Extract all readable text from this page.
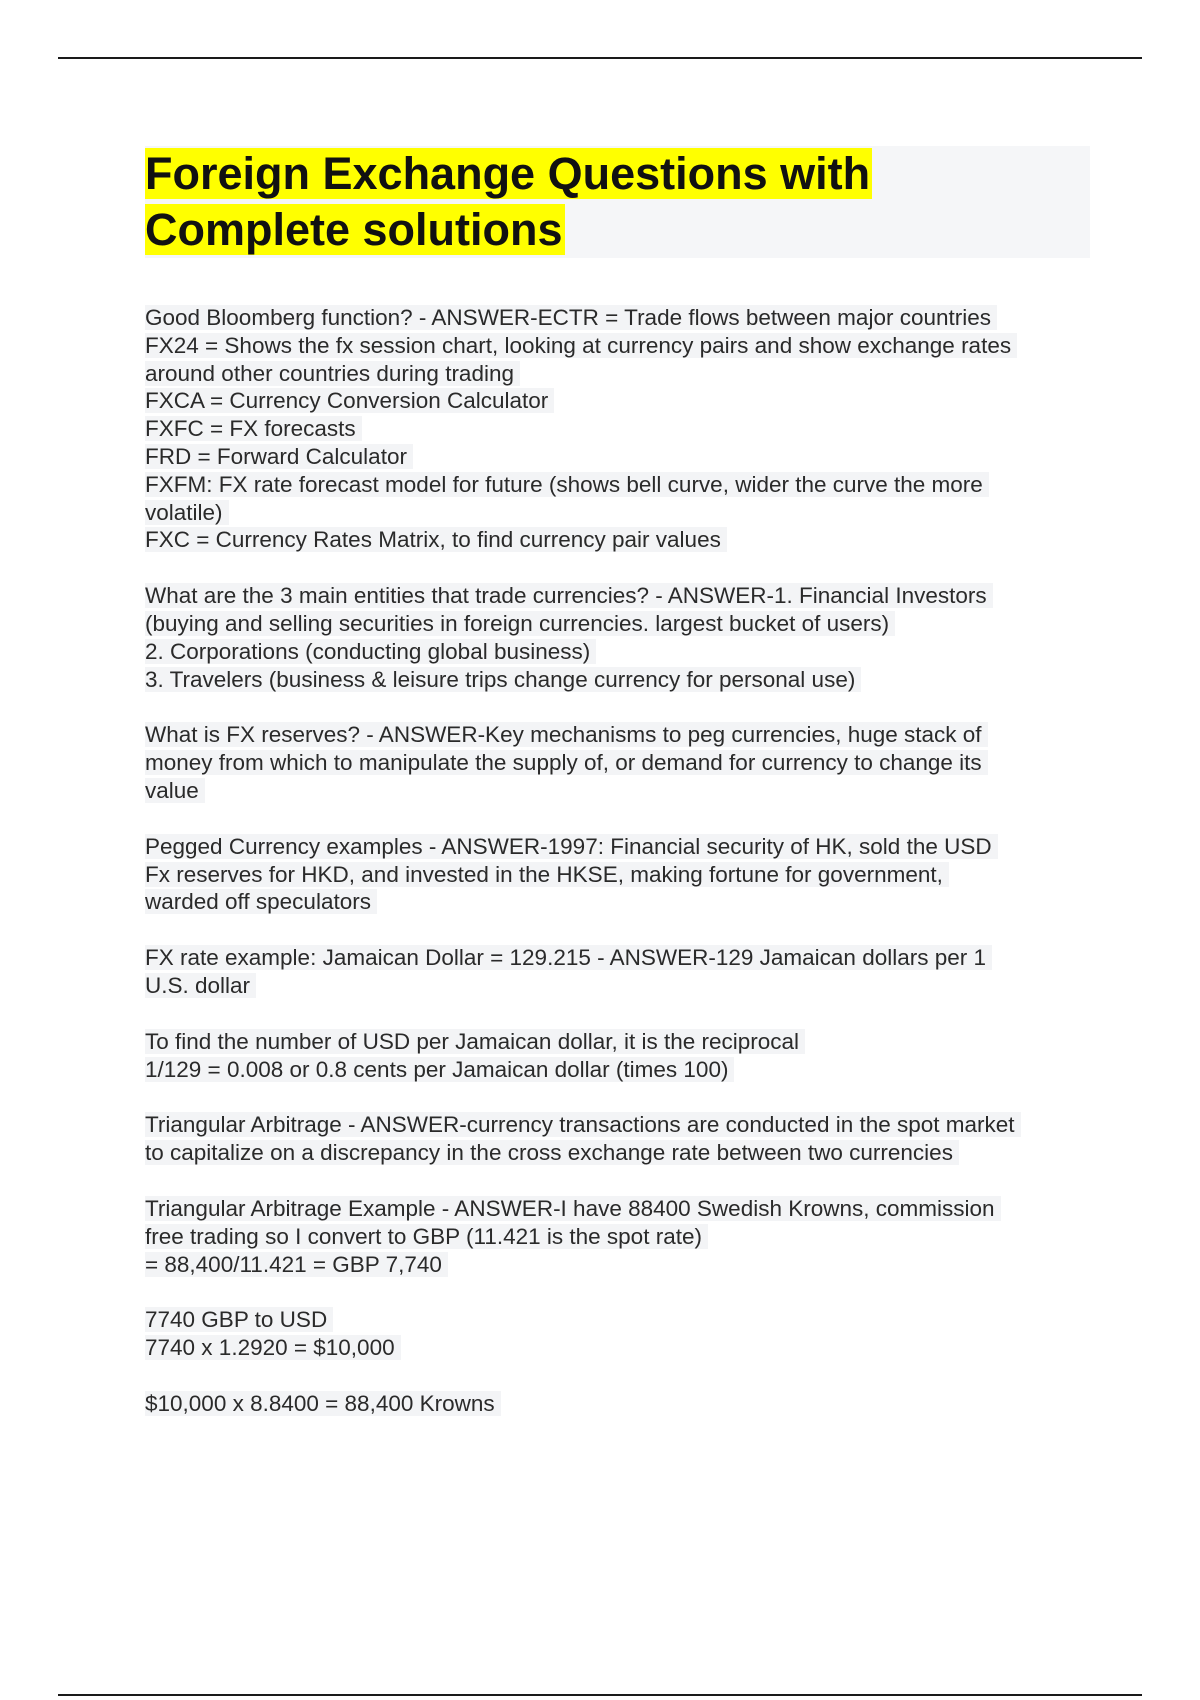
Foreign Exchange Questions with
Complete solutions
Good Bloomberg function? - ANSWER-ECTR = Trade flows between major countries
FX24 = Shows the fx session chart, looking at currency pairs and show exchange rates
around other countries during trading
FXCA = Currency Conversion Calculator
FXFC = FX forecasts
FRD = Forward Calculator
FXFM: FX rate forecast model for future (shows bell curve, wider the curve the more
volatile)
FXC = Currency Rates Matrix, to find currency pair values
What are the 3 main entities that trade currencies? - ANSWER-1. Financial Investors
(buying and selling securities in foreign currencies. largest bucket of users)
2. Corporations (conducting global business)
3. Travelers (business & leisure trips change currency for personal use)
What is FX reserves? - ANSWER-Key mechanisms to peg currencies, huge stack of
money from which to manipulate the supply of, or demand for currency to change its
value
Pegged Currency examples - ANSWER-1997: Financial security of HK, sold the USD
Fx reserves for HKD, and invested in the HKSE, making fortune for government,
warded off speculators
FX rate example: Jamaican Dollar = 129.215 - ANSWER-129 Jamaican dollars per 1
U.S. dollar
To find the number of USD per Jamaican dollar, it is the reciprocal
1/129 = 0.008 or 0.8 cents per Jamaican dollar (times 100)
Triangular Arbitrage - ANSWER-currency transactions are conducted in the spot market
to capitalize on a discrepancy in the cross exchange rate between two currencies
Triangular Arbitrage Example - ANSWER-I have 88400 Swedish Krowns, commission
free trading so I convert to GBP (11.421 is the spot rate)
= 88,400/11.421 = GBP 7,740
7740 GBP to USD
7740 x 1.2920 = $10,000
$10,000 x 8.8400 = 88,400 Krowns
